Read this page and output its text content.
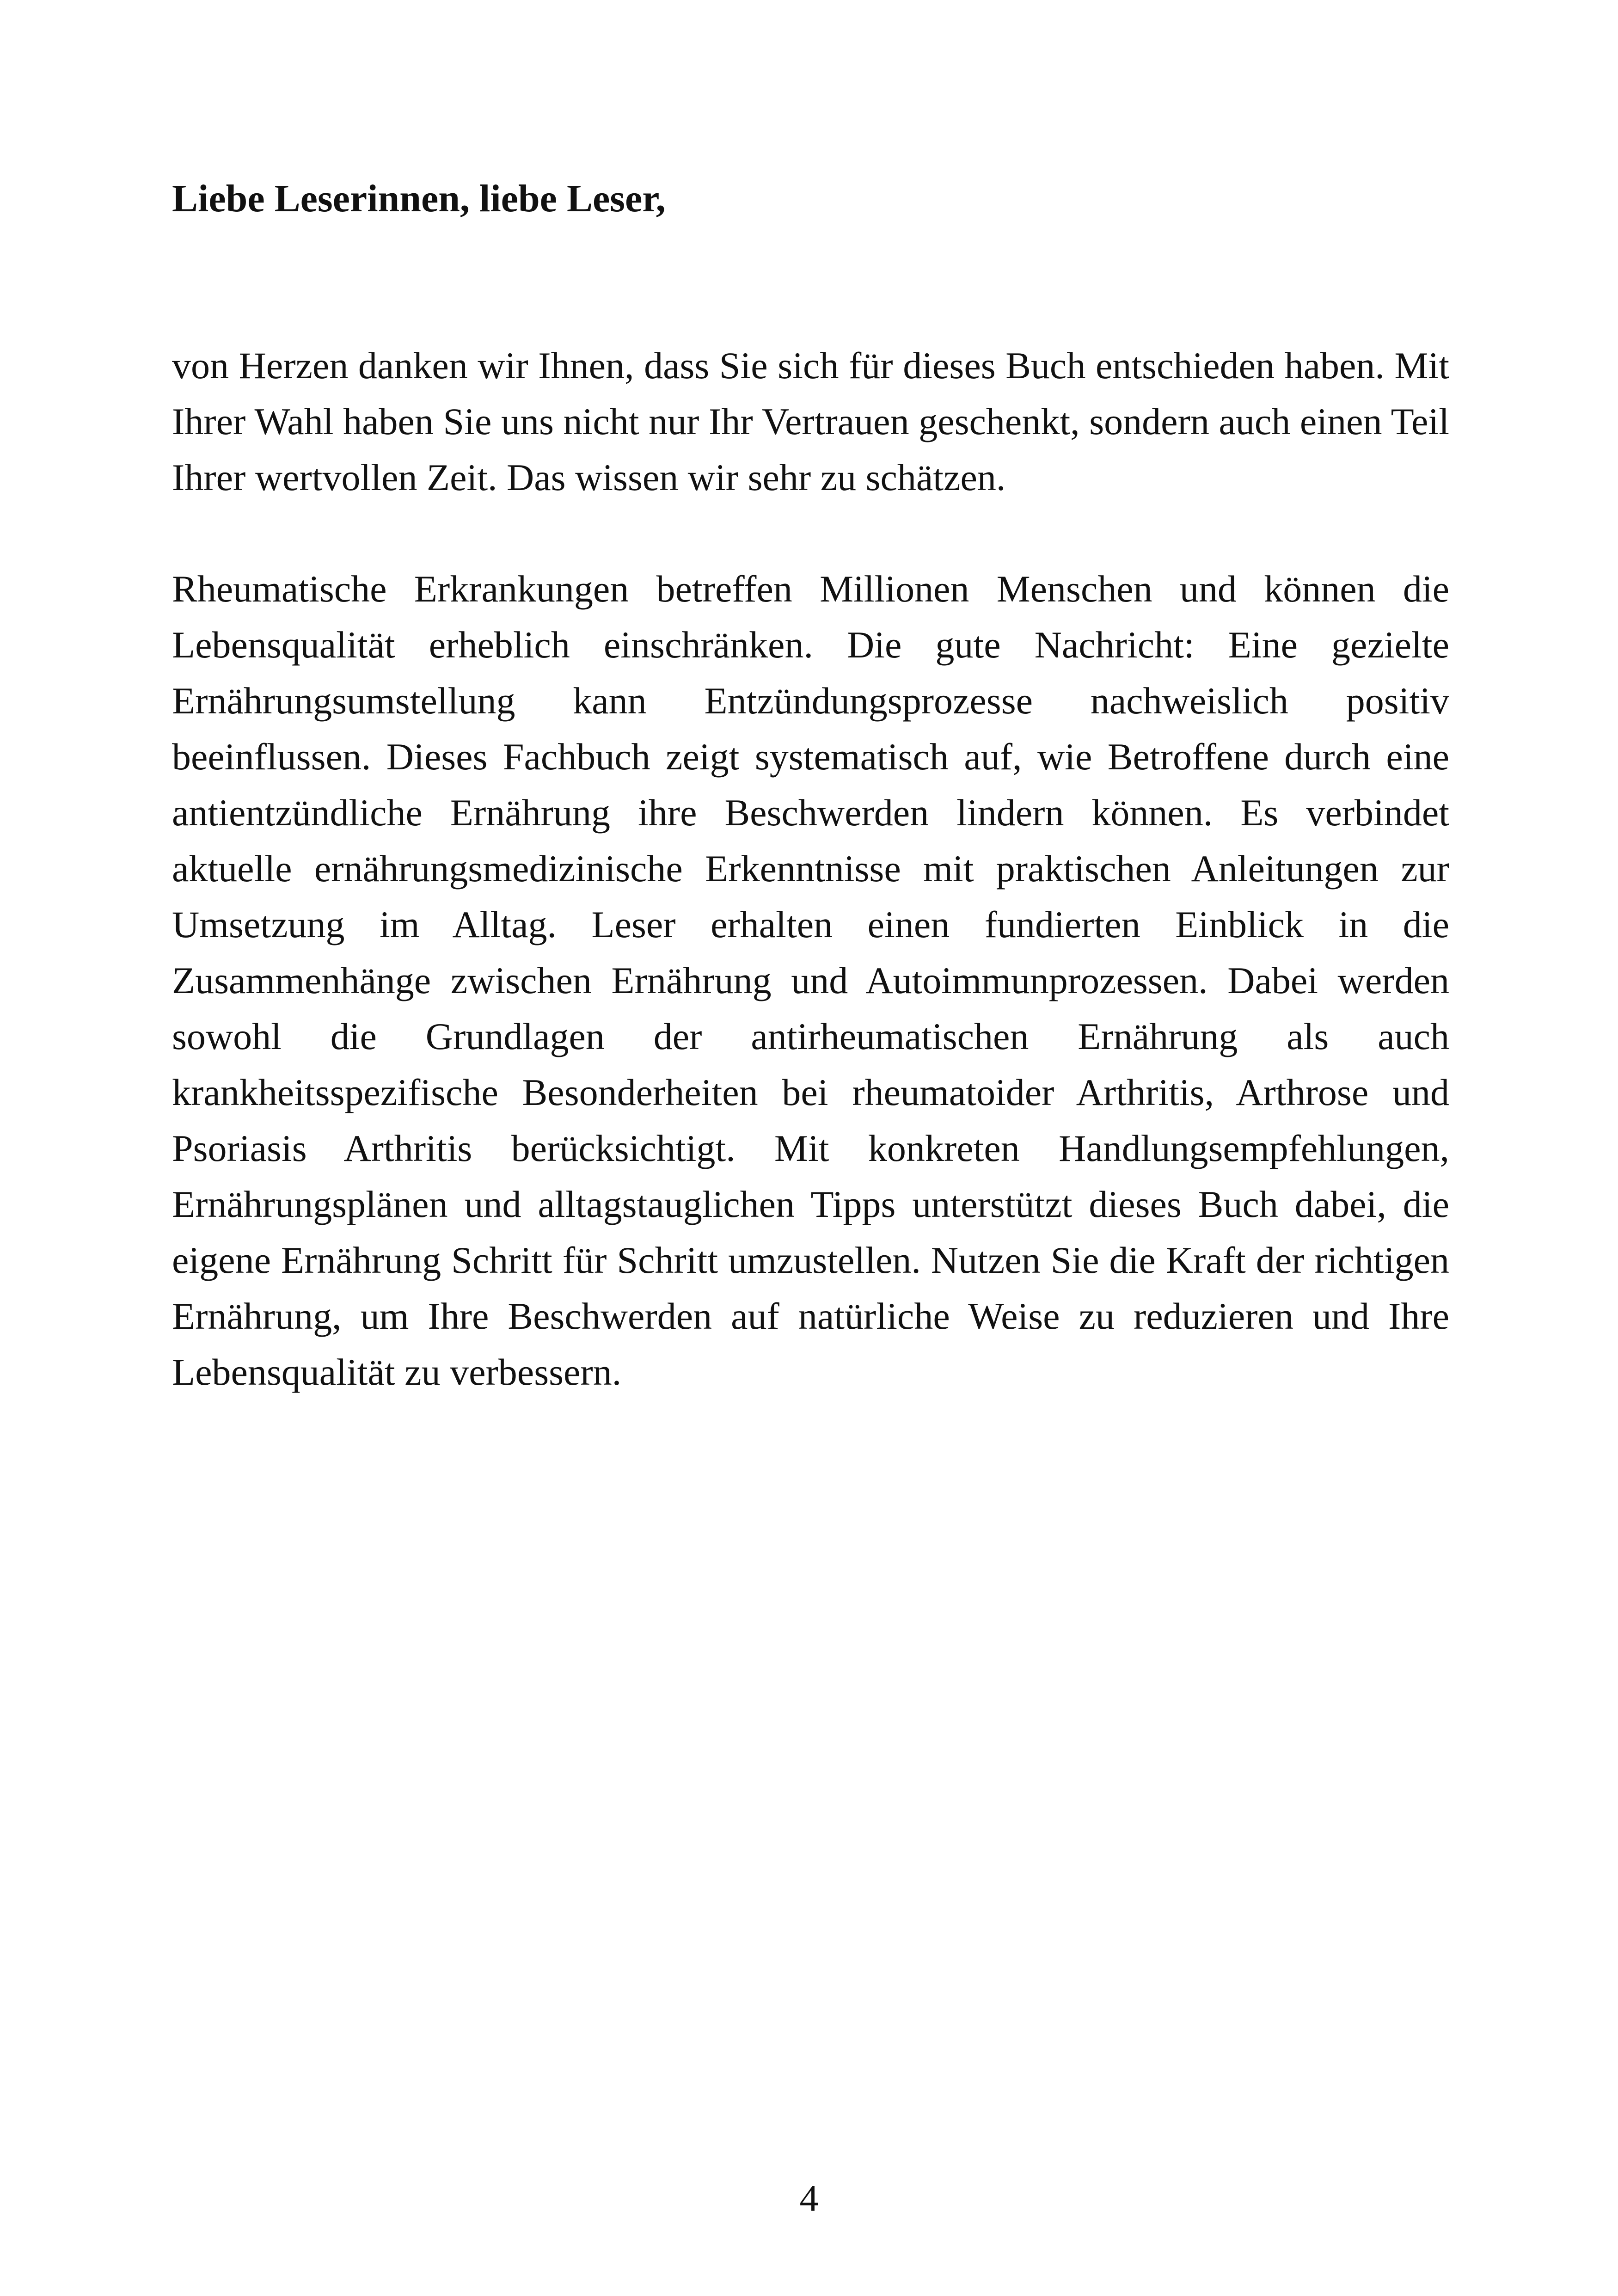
Liebe Leserinnen, liebe Leser,

von Herzen danken wir Ihnen, dass Sie sich für dieses Buch entschieden haben. Mit Ihrer Wahl haben Sie uns nicht nur Ihr Vertrauen geschenkt, sondern auch einen Teil Ihrer wertvollen Zeit. Das wissen wir sehr zu schätzen.

Rheumatische Erkrankungen betreffen Millionen Menschen und können die Lebensqualität erheblich einschränken. Die gute Nachricht: Eine gezielte Ernährungsumstellung kann Entzündungsprozesse nachweislich positiv beeinflussen. Dieses Fachbuch zeigt systematisch auf, wie Betroffene durch eine antientzündliche Ernährung ihre Beschwerden lindern können. Es verbindet aktuelle ernährungsmedizinische Erkenntnisse mit praktischen Anleitungen zur Umsetzung im Alltag. Leser erhalten einen fundierten Einblick in die Zusammenhänge zwischen Ernährung und Autoimmunprozessen. Dabei werden sowohl die Grundlagen der antirheumatischen Ernährung als auch krankheitsspezifische Besonderheiten bei rheumatoider Arthritis, Arthrose und Psoriasis Arthritis berücksichtigt. Mit konkreten Handlungsempfehlungen, Ernährungsplänen und alltagstauglichen Tipps unterstützt dieses Buch dabei, die eigene Ernährung Schritt für Schritt umzustellen. Nutzen Sie die Kraft der richtigen Ernährung, um Ihre Beschwerden auf natürliche Weise zu reduzieren und Ihre Lebensqualität zu verbessern.

4
